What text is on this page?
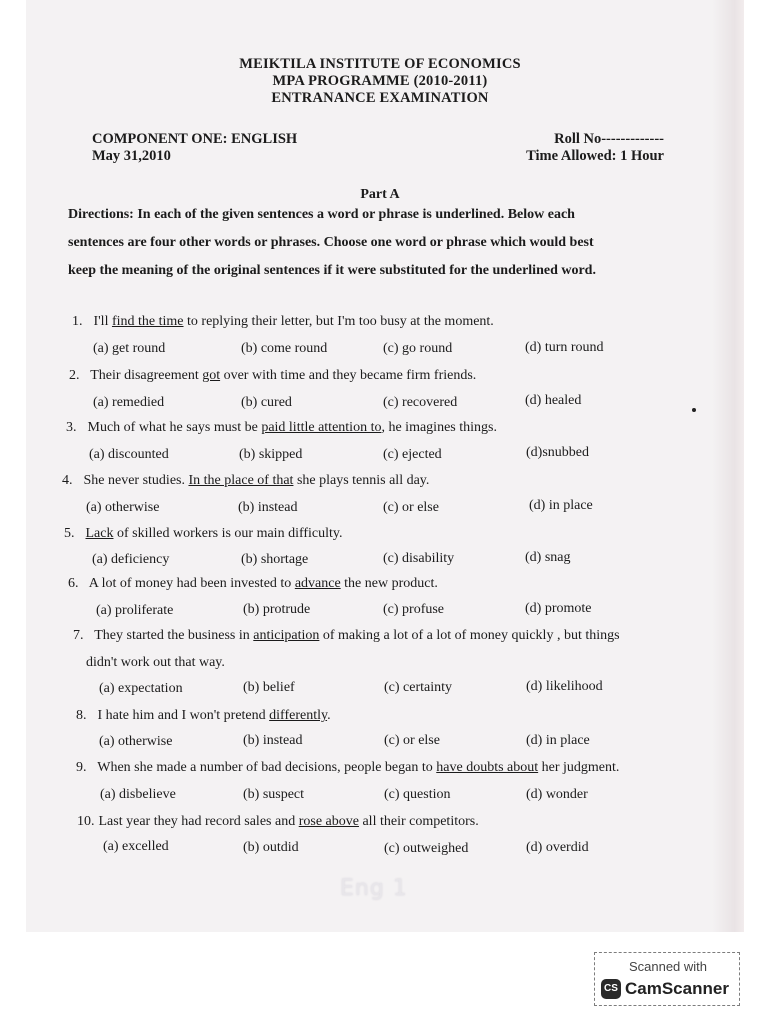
MEIKTILA INSTITUTE OF ECONOMICS
MPA PROGRAMME (2010-2011)
ENTRANANCE EXAMINATION
COMPONENT ONE: ENGLISH
May 31,2010
Roll No-------------
Time Allowed: 1 Hour
Part A
Directions: In each of the given sentences a word or phrase is underlined. Below each
sentences are four other words or phrases. Choose one word or phrase which would best
keep the meaning of the original sentences if it were substituted for the underlined word.
1. I'll find the time to replying their letter, but I'm too busy at the moment.
(a) get round	(b) come round	(c) go round	(d) turn round
2. Their disagreement got over with time and they became firm friends.
(a) remedied	(b) cured	(c) recovered	(d) healed
3. Much of what he says must be paid little attention to, he imagines things.
(a) discounted	(b) skipped	(c) ejected	(d)snubbed
4. She never studies. In the place of that she plays tennis all day.
(a) otherwise	(b) instead	(c) or else	(d) in place
5. Lack of skilled workers is our main difficulty.
(a) deficiency	(b) shortage	(c) disability	(d) snag
6. A lot of money had been invested to advance the new product.
(a) proliferate	(b) protrude	(c) profuse	(d) promote
7. They started the business in anticipation of making a lot of a lot of money quickly , but things
didn't work out that way.
(a) expectation	(b) belief	(c) certainty	(d) likelihood
8. I hate him and I won't pretend differently.
(a) otherwise	(b) instead	(c) or else	(d) in place
9. When she made a number of bad decisions, people began to have doubts about her judgment.
(a) disbelieve	(b) suspect	(c) question	(d) wonder
10. Last year they had record sales and rose above all their competitors.
(a) excelled	(b) outdid	(c) outweighed	(d) overdid
Eng 1
Scanned with
CS CamScanner
